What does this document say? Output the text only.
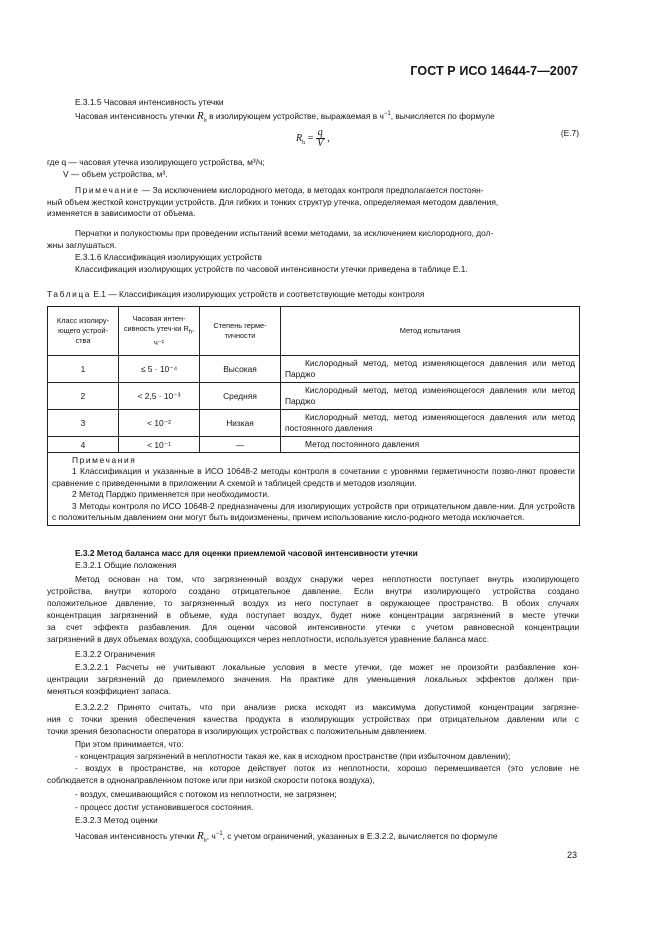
ГОСТ Р ИСО 14644-7—2007
Е.3.1.5 Часовая интенсивность утечки
Часовая интенсивность утечки $R_h$ в изолирующем устройстве, выражаемая в $ч^{-1}$, вычисляется по формуле
$R_h = \frac{q}{V}$ ,	(Е.7)
где q — часовая утечка изолирующего устройства, м³/ч;
V — объем устройства, м³.
Примечание — За исключением кислородного метода, в методах контроля предполагается постоян-
ный объем жесткой конструкции устройств. Для гибких и тонких структур утечка, определяемая методом давления,
изменяется в зависимости от объема.
Перчатки и полукостюмы при проведении испытаний всеми методами, за исключением кислородного, дол-
жны заглушаться.
Е.3.1.6 Классификация изолирующих устройств
Классификация изолирующих устройств по часовой интенсивности утечки приведена в таблице Е.1.
Таблица Е.1 — Классификация изолирующих устройств и соответствующие методы контроля
Класс изолиру-ющего устрой-ства	Часовая интен-сивность утеч-ки $R_h$, ч⁻¹	Степень герме-тичности	Метод испытания
1	≤ 5 · 10⁻⁴	Высокая	Кислородный метод, метод изменяющегося давления или метод Парджо
2	< 2,5 · 10⁻³	Средняя	Кислородный метод, метод изменяющегося давления или метод Парджо
3	< 10⁻²	Низкая	Кислородный метод, метод изменяющегося давления или метод постоянного давления
4	< 10⁻¹	—	Метод постоянного давления

Примечания
1 Классификация и указанные в ИСО 10648-2 методы контроля в сочетании с уровнями герметичности позво-ляют провести сравнение с приведенными в приложении А схемой и таблицей средств и методов изоляции.
2 Метод Парджо применяется при необходимости.
3 Методы контроля по ИСО 10648-2 предназначены для изолирующих устройств при отрицательном давле-нии. Для устройств с положительным давлением они могут быть видоизменены, причем использование кисло-родного метода исключается.			
Е.3.2 Метод баланса масс для оценки приемлемой часовой интенсивности утечки
Е.3.2.1 Общие положения
Метод основан на том, что загрязненный воздух снаружи через неплотности поступает внутрь изолирующего
устройства, внутри которого создано отрицательное давление. Если внутри изолирующего устройства создано
положительное давление, то загрязненный воздух из него поступает в окружающее пространство. В обоих случаях
концентрация загрязнений в объеме, куда поступает воздух, будет ниже концентрации загрязнений в месте утечки
за счет эффекта разбавления. Для оценки часовой интенсивности утечки с учетом равновесной концентрации
загрязнений в двух объемах воздуха, сообщающихся через неплотности, используется уравнение баланса масс.
Е.3.2.2 Ограничения
Е.3.2.2.1 Расчеты не учитывают локальные условия в месте утечки, где может не произойти разбавление кон-
центрации загрязнений до приемлемого значения. На практике для уменьшения локальных эффектов должен при-
меняться коэффициент запаса.
Е.3.2.2.2 Принято считать, что при анализе риска исходят из максимума допустимой концентрации загрязне-
ния с точки зрения обеспечения качества продукта в изолирующих устройствах при отрицательном давлении или с
точки зрения безопасности оператора в изолирующих устройствах с положительным давлением.
При этом принимается, что:
- концентрация загрязнений в неплотности такая же, как в исходном пространстве (при избыточном давлении);
- воздух в пространстве, на которое действует поток из неплотности, хорошо перемешивается (это условие не
соблюдается в однонаправленном потоке или при низкой скорости потока воздуха),
- воздух, смешивающийся с потоком из неплотности, не загрязнен;
- процесс достиг установившегося состояния.
Е.3.2.3 Метод оценки
Часовая интенсивность утечки $R_h$, $ч^{-1}$, с учетом ограничений, указанных в Е.3.2.2, вычисляется по формуле
23
